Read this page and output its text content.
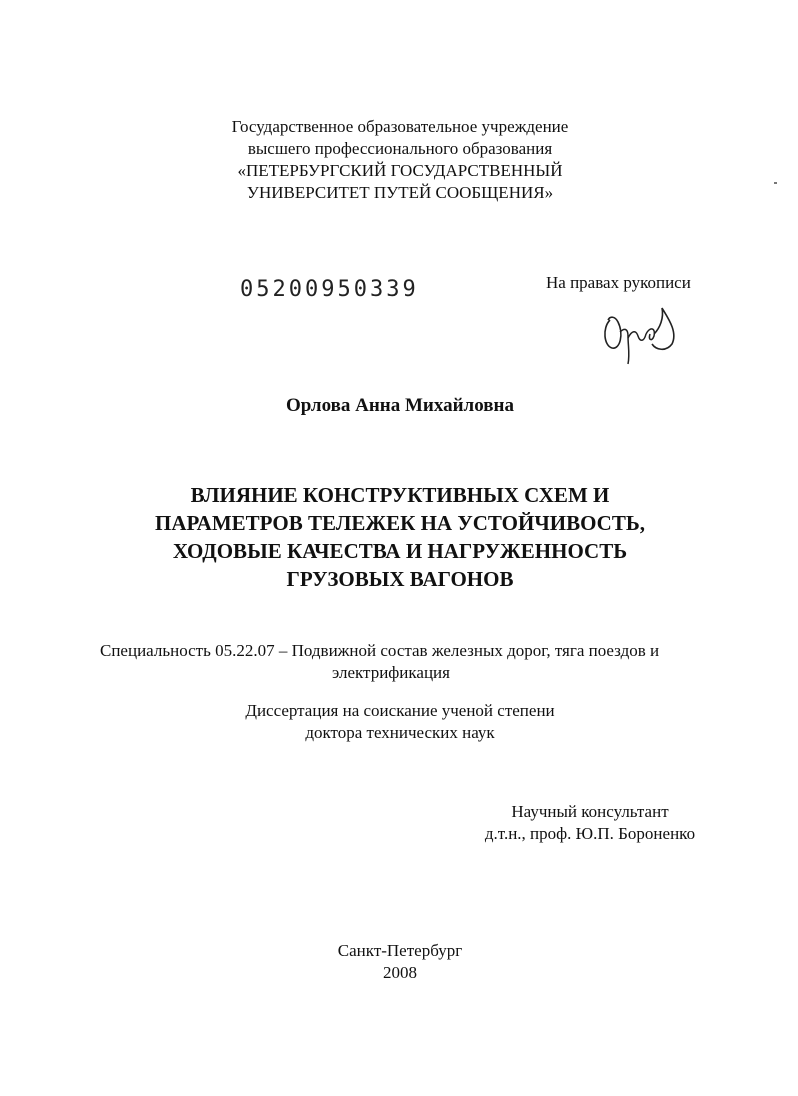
Государственное образовательное учреждение
высшего профессионального образования
«ПЕТЕРБУРГСКИЙ ГОСУДАРСТВЕННЫЙ
УНИВЕРСИТЕТ ПУТЕЙ СООБЩЕНИЯ»
05200950339	На правах рукописи
Орлова Анна Михайловна
ВЛИЯНИЕ КОНСТРУКТИВНЫХ СХЕМ И
ПАРАМЕТРОВ ТЕЛЕЖЕК НА УСТОЙЧИВОСТЬ,
ХОДОВЫЕ КАЧЕСТВА И НАГРУЖЕННОСТЬ
ГРУЗОВЫХ ВАГОНОВ
Специальность 05.22.07 – Подвижной состав железных дорог, тяга поездов и
электрификация
Диссертация на соискание ученой степени
доктора технических наук
Научный консультант
д.т.н., проф. Ю.П. Бороненко
Санкт-Петербург
2008
